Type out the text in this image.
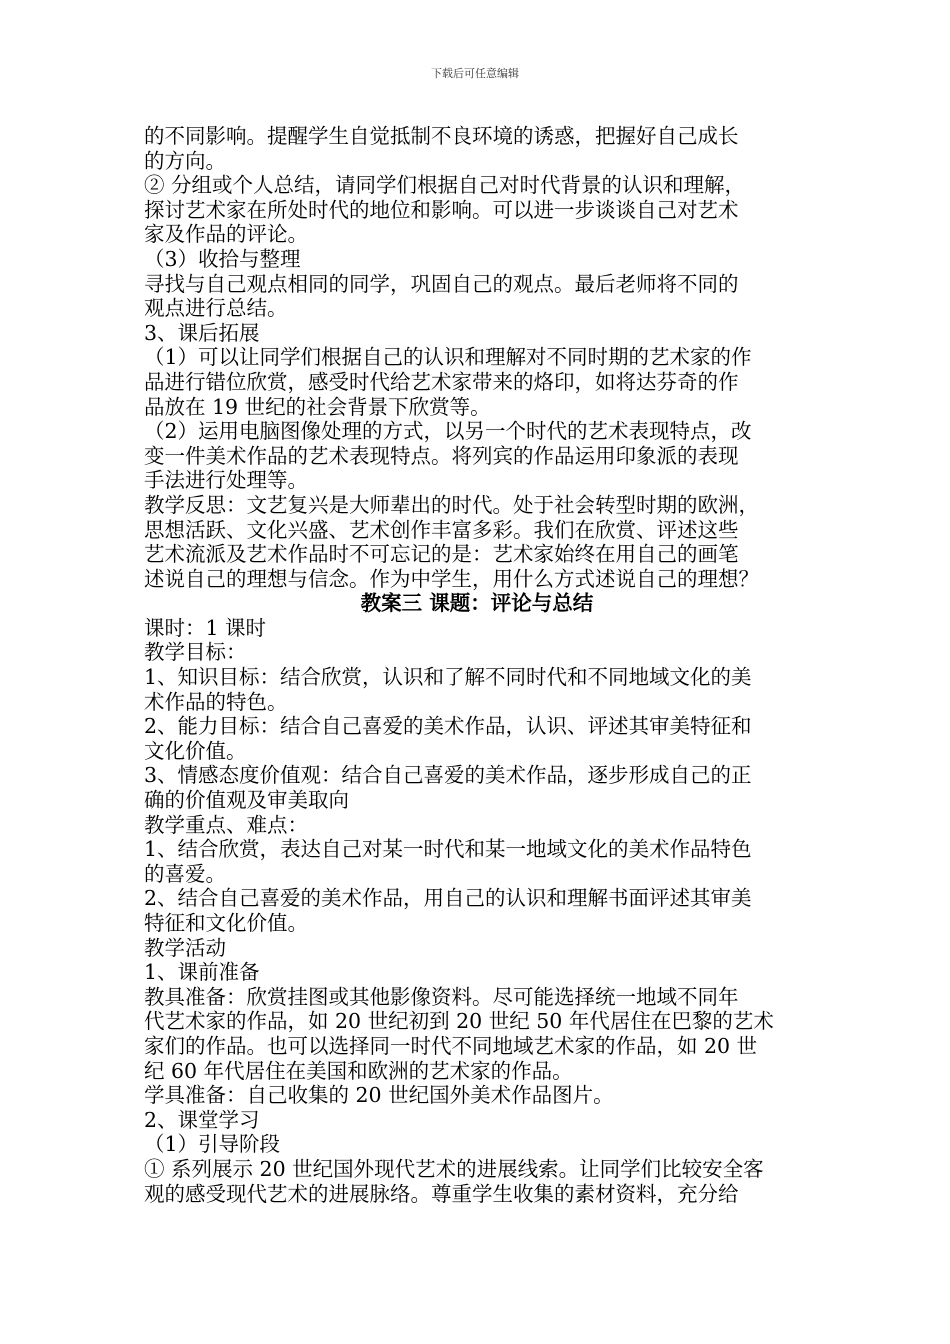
下载后可任意编辑
的不同影响。提醒学生自觉抵制不良环境的诱惑，把握好自己成长
的方向。
② 分组或个人总结，请同学们根据自己对时代背景的认识和理解，
探讨艺术家在所处时代的地位和影响。可以进一步谈谈自己对艺术
家及作品的评论。
（3）收拾与整理
寻找与自己观点相同的同学，巩固自己的观点。最后老师将不同的
观点进行总结。
3、课后拓展
（1）可以让同学们根据自己的认识和理解对不同时期的艺术家的作
品进行错位欣赏，感受时代给艺术家带来的烙印，如将达芬奇的作
品放在 19 世纪的社会背景下欣赏等。
（2）运用电脑图像处理的方式，以另一个时代的艺术表现特点，改
变一件美术作品的艺术表现特点。将列宾的作品运用印象派的表现
手法进行处理等。
教学反思：文艺复兴是大师辈出的时代。处于社会转型时期的欧洲，
思想活跃、文化兴盛、艺术创作丰富多彩。我们在欣赏、评述这些
艺术流派及艺术作品时不可忘记的是：艺术家始终在用自己的画笔
述说自己的理想与信念。作为中学生，用什么方式述说自己的理想？
教案三 课题：评论与总结
课时：1 课时
教学目标：
1、知识目标：结合欣赏，认识和了解不同时代和不同地域文化的美
术作品的特色。
2、能力目标：结合自己喜爱的美术作品，认识、评述其审美特征和
文化价值。
3、情感态度价值观：结合自己喜爱的美术作品，逐步形成自己的正
确的价值观及审美取向
教学重点、难点：
1、结合欣赏，表达自己对某一时代和某一地域文化的美术作品特色
的喜爱。
2、结合自己喜爱的美术作品，用自己的认识和理解书面评述其审美
特征和文化价值。
教学活动
1、课前准备
教具准备：欣赏挂图或其他影像资料。尽可能选择统一地域不同年
代艺术家的作品，如 20 世纪初到 20 世纪 50 年代居住在巴黎的艺术
家们的作品。也可以选择同一时代不同地域艺术家的作品，如 20 世
纪 60 年代居住在美国和欧洲的艺术家的作品。
学具准备：自己收集的 20 世纪国外美术作品图片。
2、课堂学习
（1）引导阶段
① 系列展示 20 世纪国外现代艺术的进展线索。让同学们比较安全客
观的感受现代艺术的进展脉络。尊重学生收集的素材资料，充分给
